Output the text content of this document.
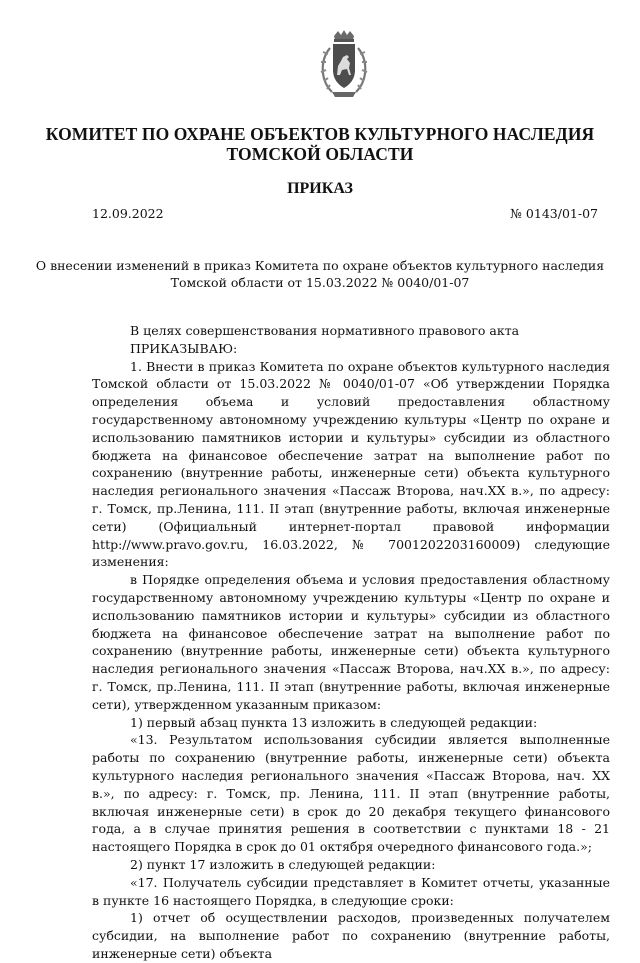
КОМИТЕТ ПО ОХРАНЕ ОБЪЕКТОВ КУЛЬТУРНОГО НАСЛЕДИЯ
ТОМСКОЙ ОБЛАСТИ
ПРИКАЗ
12.09.2022	№ 0143/01-07
О внесении изменений в приказ Комитета по охране объектов культурного наследия
Томской области от 15.03.2022 № 0040/01-07

В целях совершенствования нормативного правового акта

ПРИКАЗЫВАЮ:

1. Внести в приказ Комитета по охране объектов культурного наследия Томской области от 15.03.2022 № 0040/01-07 «Об утверждении Порядка определения объема и условий предоставления областному государственному автономному учреждению культуры «Центр по охране и использованию памятников истории и культуры» субсидии из областного бюджета на финансовое обеспечение затрат на выполнение работ по сохранению (внутренние работы, инженерные сети) объекта культурного наследия регионального значения «Пассаж Второва, нач.XX в.», по адресу: г. Томск, пр.Ленина, 111. II этап (внутренние работы, включая инженерные сети) (Официальный интернет-портал правовой информации http://www.pravo.gov.ru, 16.03.2022, № 7001202203160009) следующие изменения:

в Порядке определения объема и условия предоставления областному государственному автономному учреждению культуры «Центр по охране и использованию памятников истории и культуры» субсидии из областного бюджета на финансовое обеспечение затрат на выполнение работ по сохранению (внутренние работы, инженерные сети) объекта культурного наследия регионального значения «Пассаж Второва, нач.XX в.», по адресу: г. Томск, пр.Ленина, 111. II этап (внутренние работы, включая инженерные сети), утвержденном указанным приказом:

1) первый абзац пункта 13 изложить в следующей редакции:

«13. Результатом использования субсидии является выполненные работы по сохранению (внутренние работы, инженерные сети) объекта культурного наследия регионального значения «Пассаж Второва, нач. XX в.», по адресу: г. Томск, пр. Ленина, 111. II этап (внутренние работы, включая инженерные сети) в срок до 20 декабря текущего финансового года, а в случае принятия решения в соответствии с пунктами 18 - 21 настоящего Порядка в срок до 01 октября очередного финансового года.»;

2) пункт 17 изложить в следующей редакции:

«17. Получатель субсидии представляет в Комитет отчеты, указанные в пункте 16 настоящего Порядка, в следующие сроки:

1) отчет об осуществлении расходов, произведенных получателем субсидии, на выполнение работ по сохранению (внутренние работы, инженерные сети) объекта
